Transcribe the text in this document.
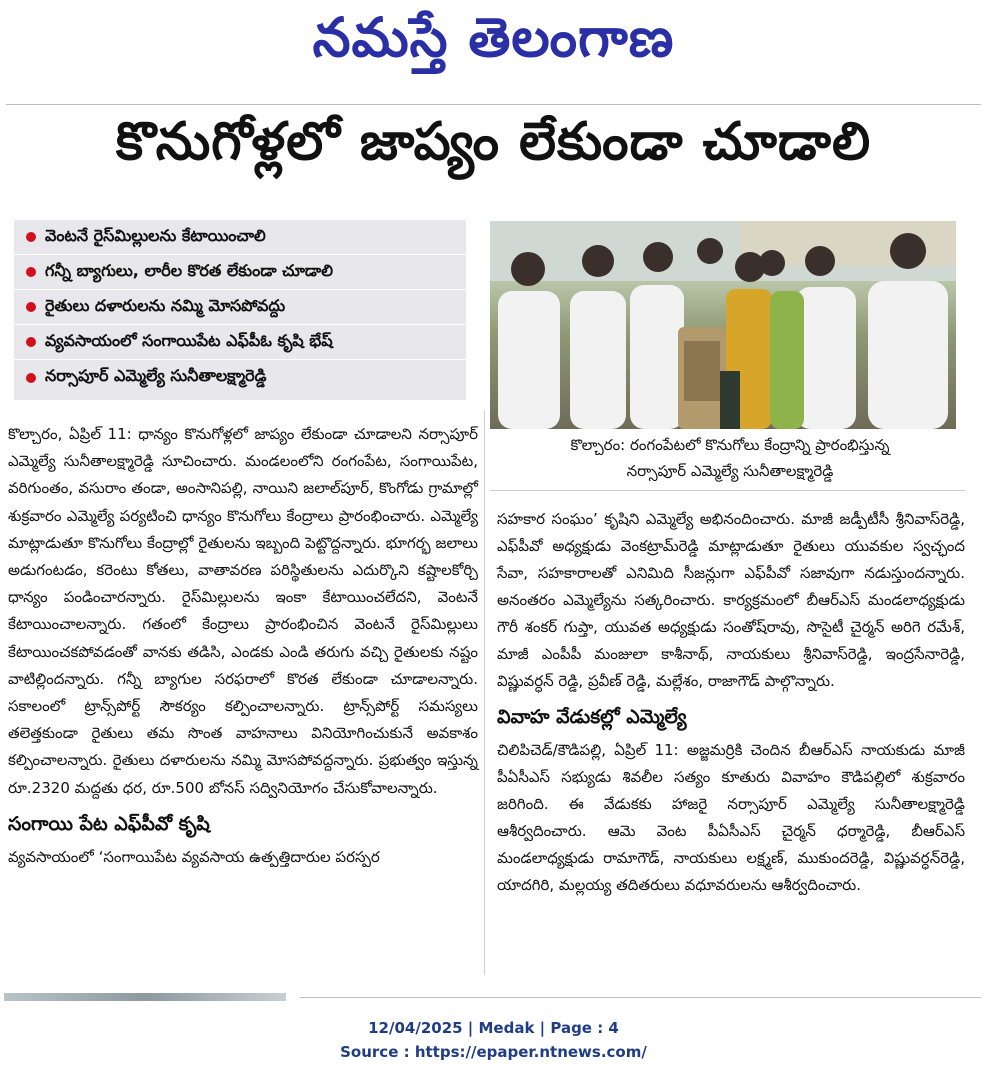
నమస్తే తెలంగాణ
కొనుగోళ్లలో జాప్యం లేకుండా చూడాలి
వెంటనే రైస్‌మిల్లులను కేటాయించాలి
గన్నీ బ్యాగులు, లారీల కొరత లేకుండా చూడాలి
రైతులు దళారులను నమ్మి మోసపోవద్దు
వ్యవసాయంలో సంగాయిపేట ఎఫ్‌పీఓ కృషి భేష్‌
నర్సాపూర్‌ ఎమ్మెల్యే సునీతాలక్ష్మారెడ్డి
కొల్చారం: రంగంపేటలో కొనుగోలు కేంద్రాన్ని ప్రారంభిస్తున్న
నర్సాపూర్‌ ఎమ్మెల్యే సునీతాలక్ష్మారెడ్డి

కొల్చారం, ఏప్రిల్‌ 11: ధాన్యం కొనుగోళ్లలో జాప్యం లేకుండా చూడాలని నర్సాపూర్‌ ఎమ్మెల్యే సునీతాలక్ష్మారెడ్డి సూచించారు. మండలంలోని రంగంపేట, సంగాయిపేట, వరిగుంతం, వసురాం తండా, అంసానిపల్లి, నాయిని జలాల్‌పూర్‌, కొంగోడు గ్రామాల్లో శుక్రవారం ఎమ్మెల్యే పర్యటించి ధాన్యం కొనుగోలు కేంద్రాలు ప్రారంభించారు. ఎమ్మెల్యే మాట్లాడుతూ కొనుగోలు కేంద్రాల్లో రైతులను ఇబ్బంది పెట్టొద్దన్నారు. భూగర్భ జలాలు అడుగంటడం, కరెంటు కోతలు, వాతావరణ పరిస్థితులను ఎదుర్కొని కష్టాలకోర్చి ధాన్యం పండించారన్నారు. రైస్‌మిల్లులను ఇంకా కేటాయించలేదని, వెంటనే కేటాయించాలన్నారు. గతంలో కేంద్రాలు ప్రారంభించిన వెంటనే రైస్‌మిల్లులు కేటాయించకపోవడంతో వానకు తడిసి, ఎండకు ఎండి తరుగు వచ్చి రైతులకు నష్టం వాటిల్లిందన్నారు. గన్నీ బ్యాగుల సరఫరాలో కొరత లేకుండా చూడాలన్నారు. సకాలంలో ట్రాన్స్‌పోర్ట్‌ సౌకర్యం కల్పించాలన్నారు. ట్రాన్స్‌పోర్ట్‌ సమస్యలు తలెత్తకుండా రైతులు తమ సొంత వాహనాలు వినియోగించుకునే అవకాశం కల్పించాలన్నారు. రైతులు దళారులను నమ్మి మోసపోవద్దన్నారు. ప్రభుత్వం ఇస్తున్న రూ.2320 మద్దతు ధర, రూ.500 బోనస్‌ సద్వినియోగం చేసుకోవాలన్నారు.

సంగాయి పేట ఎఫ్‌పీవో కృషి

వ్యవసాయంలో ‘సంగాయిపేట వ్యవసాయ ఉత్పత్తిదారుల పరస్పర

సహకార సంఘం’ కృషిని ఎమ్మెల్యే అభినందించారు. మాజీ జడ్పీటీసీ శ్రీనివాస్‌రెడ్డి, ఎఫ్‌పీవో అధ్యక్షుడు వెంకట్రామ్‌రెడ్డి మాట్లాడుతూ రైతులు యువకుల స్వచ్ఛంద సేవా, సహకారాలతో ఎనిమిది సీజన్లుగా ఎఫ్‌పీవో సజావుగా నడుస్తుందన్నారు. అనంతరం ఎమ్మెల్యేను సత్కరించారు. కార్యక్రమంలో బీఆర్‌ఎస్‌ మండలాధ్యక్షుడు గౌరీ శంకర్‌ గుప్తా, యువత అధ్యక్షుడు సంతోష్‌రావు, సొసైటీ చైర్మన్‌ అరిగె రమేశ్‌, మాజీ ఎంపీపీ మంజులా కాశీనాథ్‌, నాయకులు శ్రీనివాస్‌రెడ్డి, ఇంద్రసేనారెడ్డి, విష్ణువర్ధన్‌ రెడ్డి, ప్రవీణ్‌ రెడ్డి, మల్లేశం, రాజాగౌడ్‌ పాల్గొన్నారు.

వివాహ వేడుకల్లో ఎమ్మెల్యే

చిలిపిచెడ్‌/కౌడిపల్లి, ఏప్రిల్‌ 11: అజ్జమర్రికి చెందిన బీఆర్‌ఎస్‌ నాయకుడు మాజీ పీఏసీఎస్‌ సభ్యుడు శివలీల సత్యం కూతురు వివాహం కౌడిపల్లిలో శుక్రవారం జరిగింది. ఈ వేడుకకు హాజరై నర్సాపూర్‌ ఎమ్మెల్యే సునీతాలక్ష్మారెడ్డి ఆశీర్వదించారు. ఆమె వెంట పీఏసీఎస్‌ చైర్మన్‌ ధర్మారెడ్డి, బీఆర్‌ఎస్‌ మండలాధ్యక్షుడు రామాగౌడ్‌, నాయకులు లక్ష్మణ్‌, ముకుందరెడ్డి, విష్ణువర్ధన్‌రెడ్డి, యాదగిరి, మల్లయ్య తదితరులు వధూవరులను ఆశీర్వదించారు.

12/04/2025 | Medak | Page : 4
Source : https://epaper.ntnews.com/
